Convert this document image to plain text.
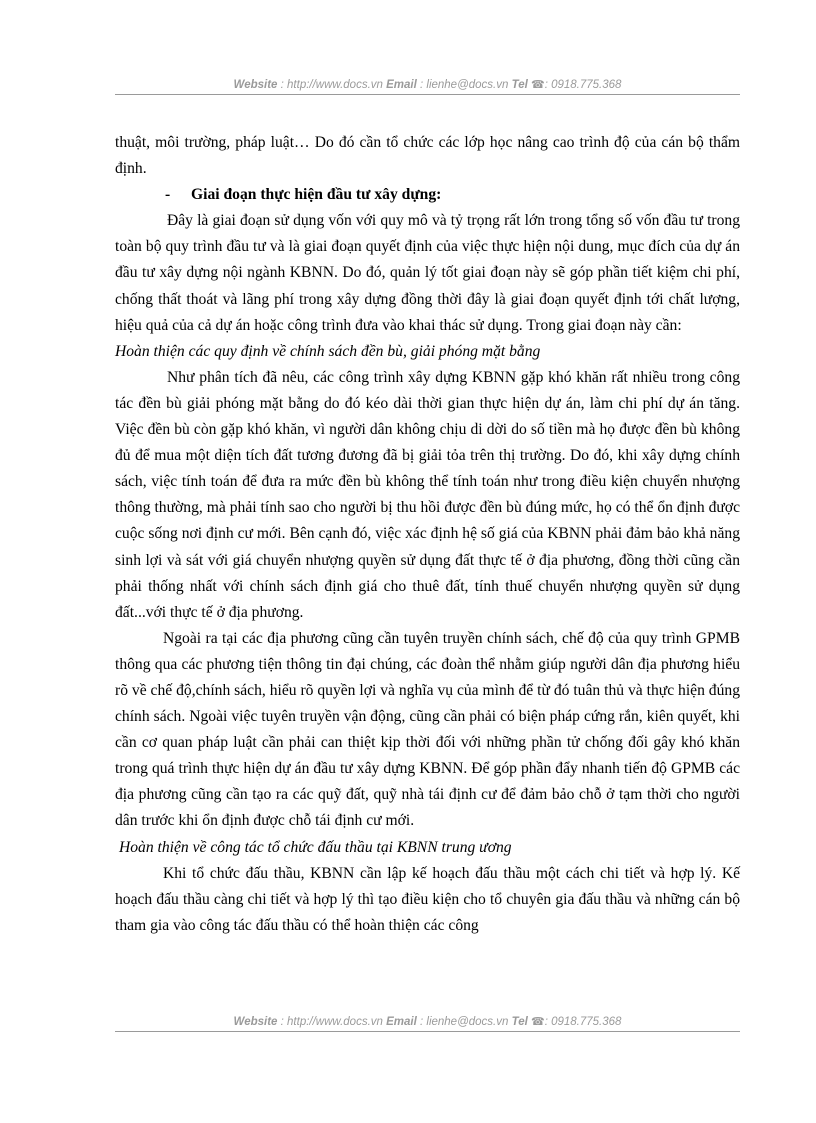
Website : http://www.docs.vn Email : lienhe@docs.vn Tel ☎: 0918.775.368

thuật, môi trường, pháp luật… Do đó cần tổ chức các lớp học nâng cao trình độ của cán bộ thẩm định.

- Giai đoạn thực hiện đầu tư xây dựng:

Đây là giai đoạn sử dụng vốn với quy mô và tỷ trọng rất lớn trong tổng số vốn đầu tư trong toàn bộ quy trình đầu tư và là giai đoạn quyết định của việc thực hiện nội dung, mục đích của dự án đầu tư xây dựng nội ngành KBNN. Do đó, quản lý tốt giai đoạn này sẽ góp phần tiết kiệm chi phí, chống thất thoát và lãng phí trong xây dựng đồng thời đây là giai đoạn quyết định tới chất lượng, hiệu quả của cả dự án hoặc công trình đưa vào khai thác sử dụng. Trong giai đoạn này cần:

Hoàn thiện các quy định về chính sách đền bù, giải phóng mặt bằng

Như phân tích đã nêu, các công trình xây dựng KBNN gặp khó khăn rất nhiều trong công tác đền bù giải phóng mặt bằng do đó kéo dài thời gian thực hiện dự án, làm chi phí dự án tăng. Việc đền bù còn gặp khó khăn, vì người dân không chịu di dời do số tiền mà họ được đền bù không đủ để mua một diện tích đất tương đương đã bị giải tỏa trên thị trường. Do đó, khi xây dựng chính sách, việc tính toán để đưa ra mức đền bù không thể tính toán như trong điều kiện chuyển nhượng thông thường, mà phải tính sao cho người bị thu hồi được đền bù đúng mức, họ có thể ổn định được cuộc sống nơi định cư mới. Bên cạnh đó, việc xác định hệ số giá của KBNN phải đảm bảo khả năng sinh lợi và sát với giá chuyển nhượng quyền sử dụng đất thực tế ở địa phương, đồng thời cũng cần phải thống nhất với chính sách định giá cho thuê đất, tính thuế chuyển nhượng quyền sử dụng đất...với thực tế ở địa phương.

Ngoài ra tại các địa phương cũng cần tuyên truyền chính sách, chế độ của quy trình GPMB thông qua các phương tiện thông tin đại chúng, các đoàn thể nhằm giúp người dân địa phương hiểu rõ về chế độ,chính sách, hiểu rõ quyền lợi và nghĩa vụ của mình để từ đó tuân thủ và thực hiện đúng chính sách. Ngoài việc tuyên truyền vận động, cũng cần phải có biện pháp cứng rắn, kiên quyết, khi cần cơ quan pháp luật cần phải can thiệt kịp thời đối với những phần tử chống đối gây khó khăn trong quá trình thực hiện dự án đầu tư xây dựng KBNN. Để góp phần đẩy nhanh tiến độ GPMB các địa phương cũng cần tạo ra các quỹ đất, quỹ nhà tái định cư để đảm bảo chỗ ở tạm thời cho người dân trước khi ổn định được chỗ tái định cư mới.

Hoàn thiện về công tác tổ chức đấu thầu tại KBNN trung ương

Khi tổ chức đấu thầu, KBNN cần lập kế hoạch đấu thầu một cách chi tiết và hợp lý. Kế hoạch đấu thầu càng chi tiết và hợp lý thì tạo điều kiện cho tổ chuyên gia đấu thầu và những cán bộ tham gia vào công tác đấu thầu có thể hoàn thiện các công

Website : http://www.docs.vn Email : lienhe@docs.vn Tel ☎: 0918.775.368
